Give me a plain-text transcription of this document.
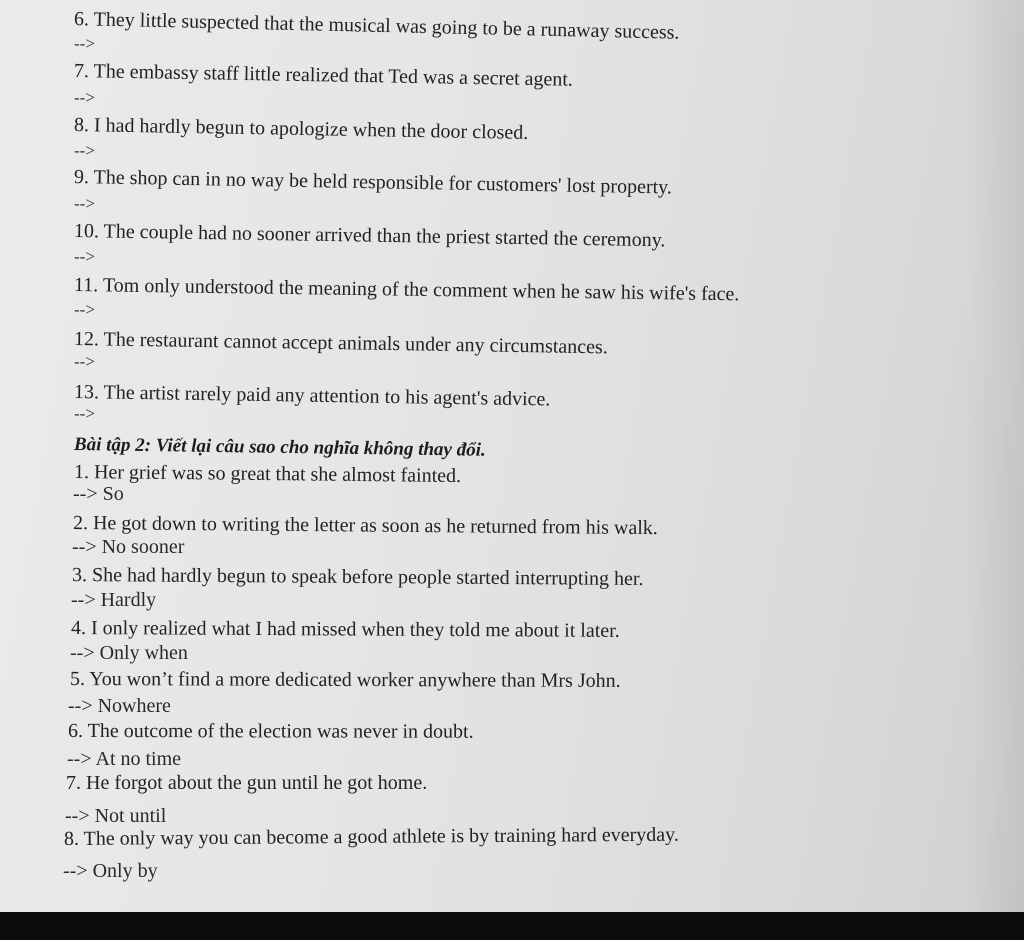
6. They little suspected that the musical was going to be a runaway success.
-->
7. The embassy staff little realized that Ted was a secret agent.
-->
8. I had hardly begun to apologize when the door closed.
-->
9. The shop can in no way be held responsible for customers' lost property.
-->
10. The couple had no sooner arrived than the priest started the ceremony.
-->
11. Tom only understood the meaning of the comment when he saw his wife's face.
-->
12. The restaurant cannot accept animals under any circumstances.
-->
13. The artist rarely paid any attention to his agent's advice.
-->
Bài tập 2: Viết lại câu sao cho nghĩa không thay đổi.
1. Her grief was so great that she almost fainted.
--> So
2. He got down to writing the letter as soon as he returned from his walk.
--> No sooner
3. She had hardly begun to speak before people started interrupting her.
--> Hardly
4. I only realized what I had missed when they told me about it later.
--> Only when
5. You won’t find a more dedicated worker anywhere than Mrs John.
--> Nowhere
6. The outcome of the election was never in doubt.
--> At no time
7. He forgot about the gun until he got home.
--> Not until
8. The only way you can become a good athlete is by training hard everyday.
--> Only by
